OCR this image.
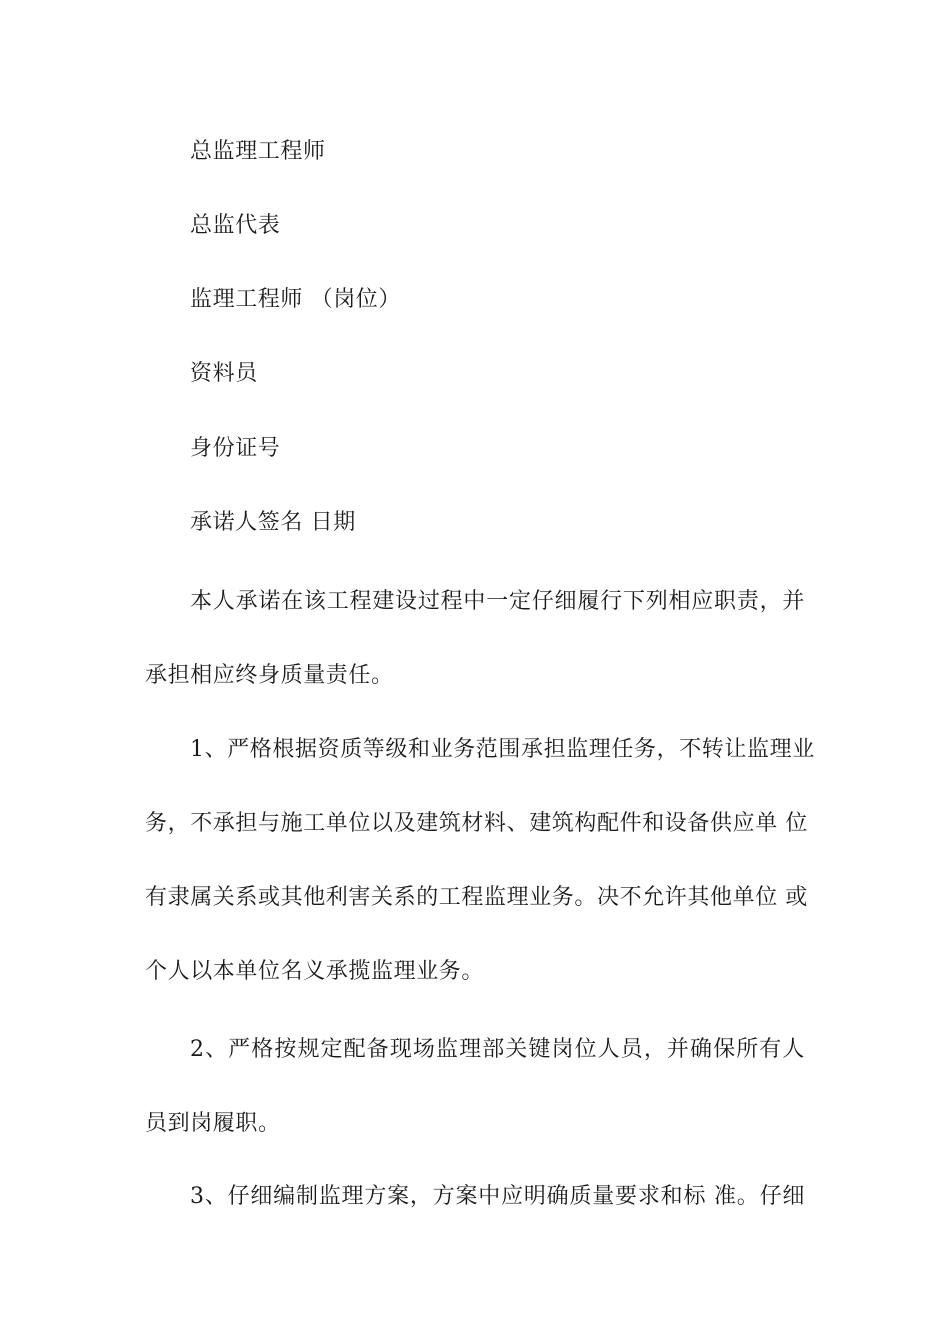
总监理工程师
总监代表
监理工程师 （岗位）
资料员
身份证号
承诺人签名 日期
本人承诺在该工程建设过程中一定仔细履行下列相应职责，并
承担相应终身质量责任。
1、严格根据资质等级和业务范围承担监理任务，不转让监理业
务，不承担与施工单位以及建筑材料、建筑构配件和设备供应单 位
有隶属关系或其他利害关系的工程监理业务。决不允许其他单位 或
个人以本单位名义承揽监理业务。
2、严格按规定配备现场监理部关键岗位人员，并确保所有人
员到岗履职。
3、仔细编制监理方案，方案中应明确质量要求和标 准。仔细
